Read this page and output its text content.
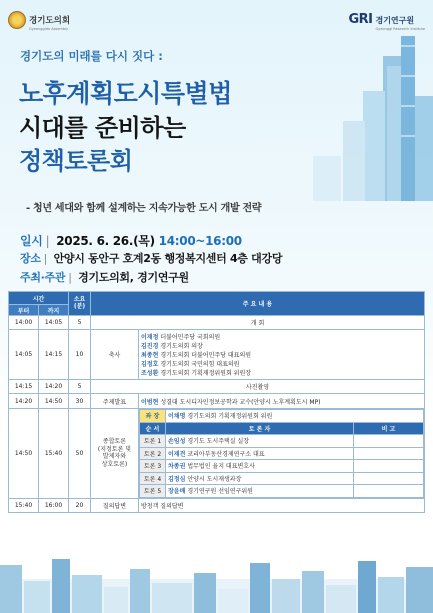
경기도의회
Gyeonggido Assembly
GRI 경기연구원
Gyeonggi Research Institute
경기도의 미래를 다시 짓다 :
노후계획도시특별법
시대를 준비하는
정책토론회
- 청년 세대와 함께 설계하는 지속가능한 도시 개발 전략
일시 | 2025. 6. 26.(목) 14:00~16:00
장소 | 안양시 동안구 호계2동 행정복지센터 4층 대강당
주최·주관 | 경기도의회, 경기연구원
시간	소요
(분)	주 요 내 용
부터	까지
14:00	14:05	5	개 회
14:05	14:15	10	축사	
이재정 더불어민주당 국회의원
김진경 경기도의회 의장
최종현 경기도의회 더불어민주당 대표의원
김정호 경기도의회 국민의힘 대표의원
조성환 경기도의회 기획재정위원회 위원장

14:15	14:20	5	사진촬영
14:20	14:50	30	주제발표	이범현 성결대 도시디자인정보공학과 교수(안양시 노후계획도시 MP)
14:50	15:40	50	종합토론
(지정토론 및
발제자와
상호토론)	
좌 장	이채명 경기도의회 기획재정위원회 위원
순 서	토 론 자	비 고
토론 1	손임성 경기도 도시주택실 실장	
토론 2	이재견 코리아부동산경제연구소 대표	
토론 3	차종권 법무법인 율지 대표변호사	
토론 4	김정심 안양시 도시재생과장	
토론 5	장윤배 경기연구원 선임연구위원	

15:40	16:00	20	질의답변	방청객 질의답변
